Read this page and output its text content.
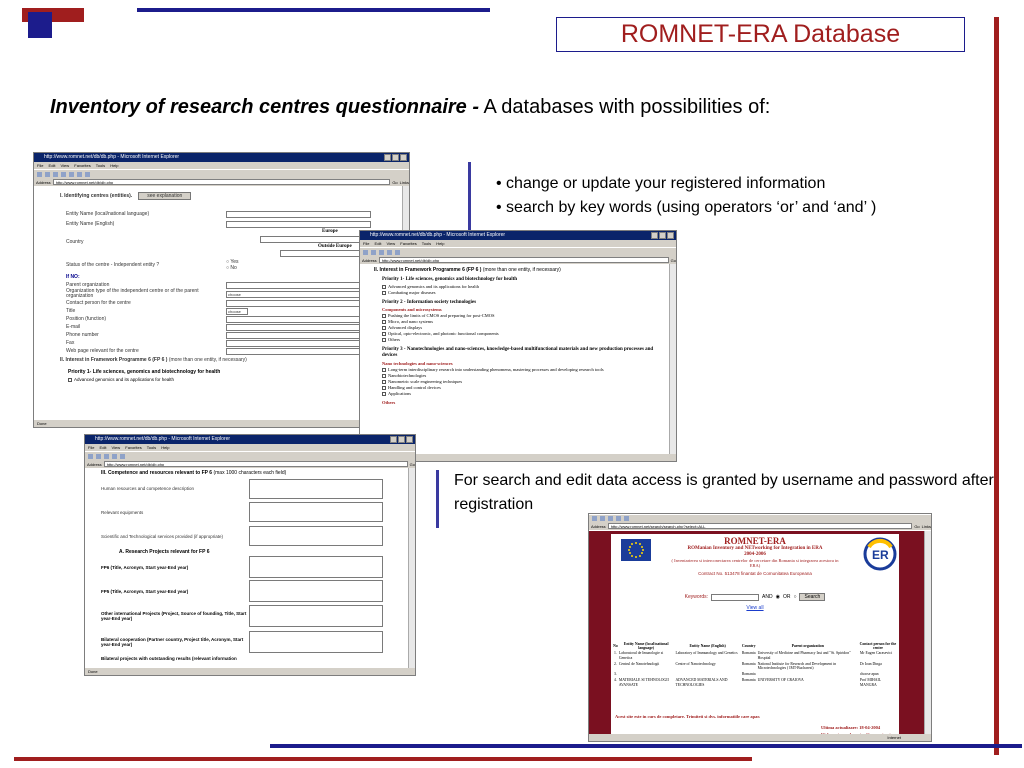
ROMNET-ERA Database
Inventory of research centres questionnaire - A databases with possibilities of:
• change or update your registered information
• search by key words (using operators ‘or’ and ‘and’ )
For search and edit data access is granted by username and password after registration
http://www.romnet.net/db/db.php - Microsoft Internet Explorer
File Edit View Favorites Tools Help
Address	http://www.romnet.net/db/db.php	Go Links
I. Identifying centres (entities).	see explanation
Entity Name (local/national language)
Entity Name (English)
Country
Europe
Outside Europe
Status of the centre - Independent entity ?	○ Yes
○ No
If NO:
Parent organization
Organization type of the independent centre or of the parent organization	choose
Contact person for the centre
Title	choose
Position (function)
E-mail
Phone number
Fax
Web page relevant for the centre
II. Interest in Framework Programme 6 (FP 6 )
(more than one entity, if necessary)
Priority 1- Life sciences, genomics and biotechnology for health
Advanced genomics and its applications for health
Done
http://www.romnet.net/db/db.php - Microsoft Internet Explorer
File Edit View Favorites Tools Help
Address	http://www.romnet.net/db/db.php	Go
II. Interest in Framework Programme 6 (FP 6 ) (more than one entity, if necessary)
Priority 1- Life sciences, genomics and biotechnology for health
Advanced genomics and its applications for health
Combating major diseases
Priority 2 - Information society technologies
Components and microsystems
Pushing the limits of CMOS and preparing for post-CMOS
Micro, and nano systems
Advanced displays
Optical, opto-electronic, and photonic functional components
Others
Priority 3 - Nanotechnologies and nano-sciences, knowledge-based multifunctional materials and new production processes and devices
Nano technologies and nano-sciences
Long-term interdisciplinary research into understanding phenomena, mastering processes and developing research tools
Nanobiotechnologies
Nanometric scale engineering techniques
Handling and control devices
Applications
Others
http://www.romnet.net/db/db.php - Microsoft Internet Explorer
File Edit View Favorites Tools Help
Address	http://www.romnet.net/db/db.php	Go
III. Competence and resources relevant to FP 6 (max 1000 characters each field)
Human resources and competence description
Relevant equipments
Scientific and Technological services provided (if appropriate)
A. Research Projects relevant for FP 6
FP6 (Title, Acronym, Start year-End year)
FP5 (Title, Acronym, Start year-End year)
Other international Projects (Project, Source of founding, Title, Start year-End year)
Bilateral cooperation (Partner country, Project title, Acronym, Start year-End year)
Bilateral projects with outstanding results (relevant information
Done
Address	http://www.romnet.net/search/search.php?select=ALL	Go Links
ER
ROMNET-ERA
ROManian Inventory and NETworking for Integration in ERA
2004-2006
( Inventarierea si interconectarea centrelor de cercetare din Romania si integrarea acestora in ERA)
Contract No. 513478 finantat de Comunitatea Europeana
Keywords:	AND ◉ OR ○	Search
View all
No	Entity Name (local/national language)	Entity Name (English)	Country	Parent organization	Contact person for the centre
1.	Laboratorul de Imunologie si Genetica	Laboratory of Immunology and Genetics	Romania	University of Medicine and Pharmacy Iasi and "St. Spiridon" Hospital	Mr Eugen Carasevici
2.	Centrul de Nanotehnologii	Centre of Nanotechnology	Romania	National Institute for Research and Development in Microtechnologies ( IMT-Bucharest)	Dr Ioan Dinga
3.			Romania		choose apan
4.	MATERIALE SI TEHNOLOGII AVANSATE	ADVANCED MATERIALS AND TECHNOLOGIES	Romania	UNIVERSITY OF CRAIOVA	Prof MIHAIL MANGRA
Acest site este in curs de completare. Trimiteti si dvs. informatiile care apar.
Ultima actualizare: 18-04-2004
Internet
